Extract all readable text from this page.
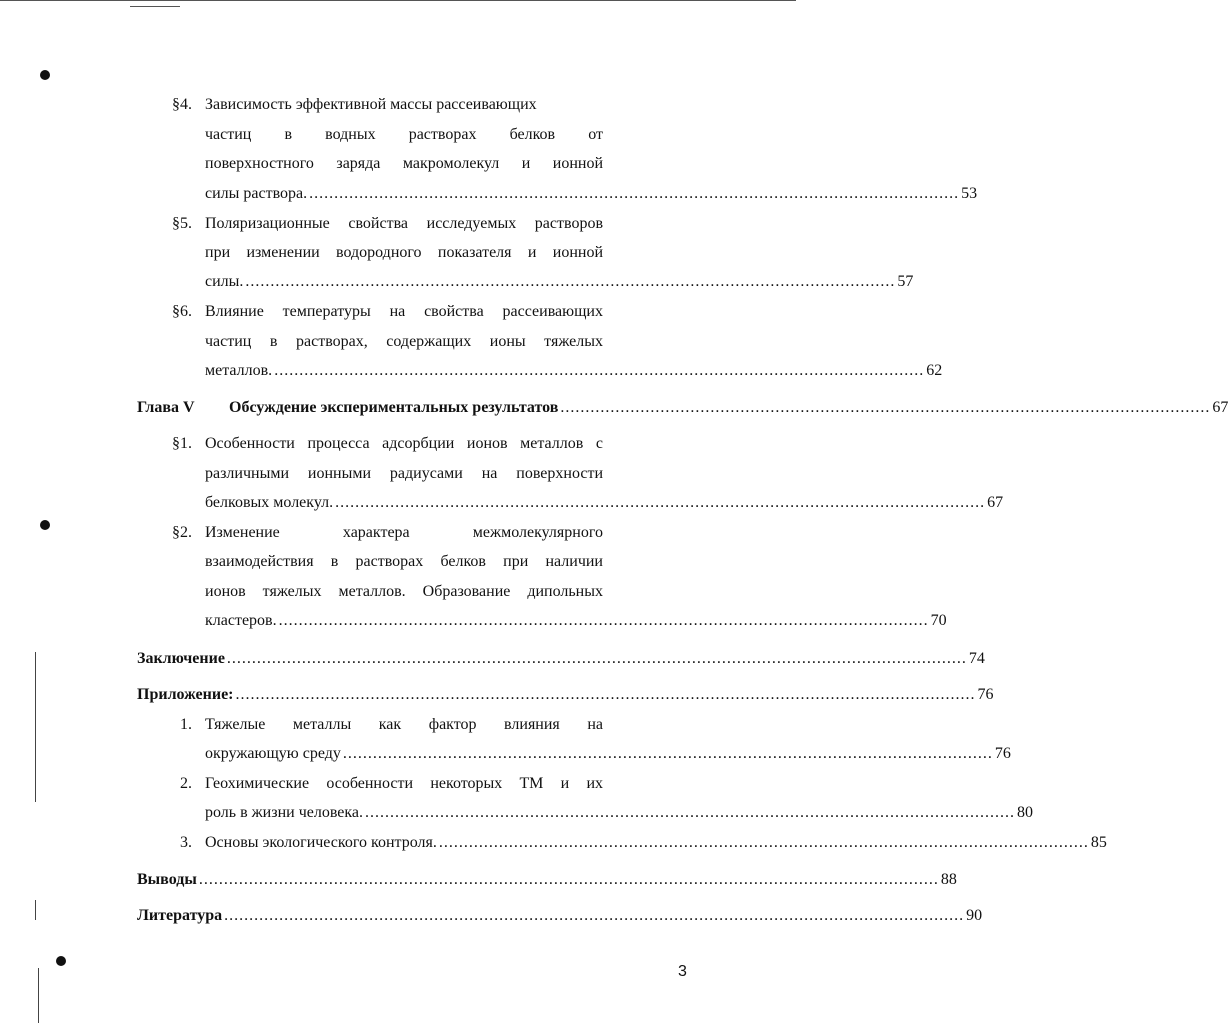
§4. Зависимость эффективной массы рассеивающих
частиц в водных растворах белков от
поверхностного заряда макромолекул и ионной
силы раствора. .................................................................................................................................. 53
§5. Поляризационные свойства исследуемых растворов
при изменении водородного показателя и ионной
силы. .................................................................................................................................. 57
§6. Влияние температуры на свойства рассеивающих
частиц в растворах, содержащих ионы тяжелых
металлов. .................................................................................................................................. 62
Глава V Обсуждение экспериментальных результатов .................................................................................................................................. 67
§1. Особенности процесса адсорбции ионов металлов с
различными ионными радиусами на поверхности
белковых молекул. .................................................................................................................................. 67
§2. Изменение характера межмолекулярного
взаимодействия в растворах белков при наличии
ионов тяжелых металлов. Образование дипольных
кластеров. .................................................................................................................................. 70
Заключение .................................................................................................................................................... 74
Приложение: .................................................................................................................................................... 76
1. Тяжелые металлы как фактор влияния на
окружающую среду .................................................................................................................................. 76
2. Геохимические особенности некоторых ТМ и их
роль в жизни человека. .................................................................................................................................. 80
3. Основы экологического контроля. .................................................................................................................................. 85
Выводы .................................................................................................................................................... 88
Литература .................................................................................................................................................... 90
3
